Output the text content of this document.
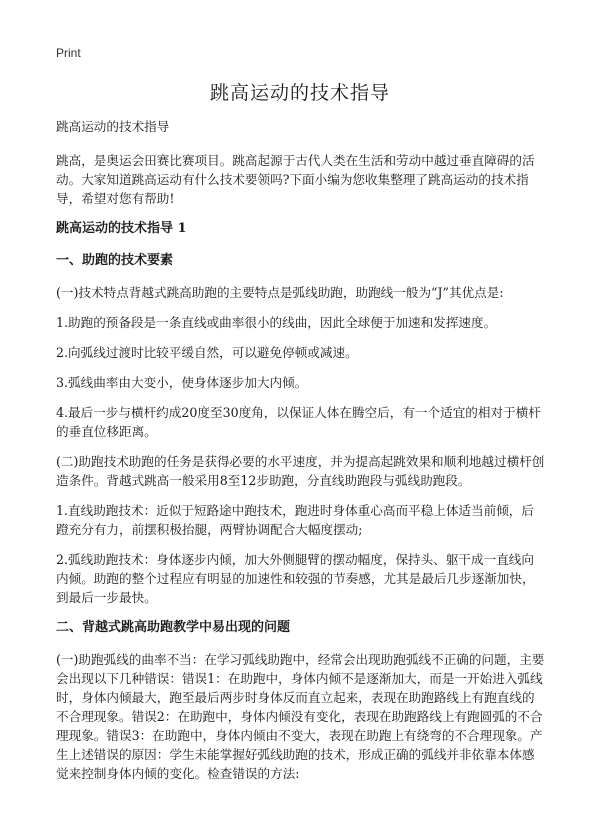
Print
跳高运动的技术指导

跳高运动的技术指导

跳高，是奥运会田赛比赛项目。跳高起源于古代人类在生活和劳动中越过垂直障碍的活动。大家知道跳高运动有什么技术要领吗?下面小编为您收集整理了跳高运动的技术指导，希望对您有帮助!

跳高运动的技术指导 1
一、助跑的技术要素

(一)技术特点背越式跳高助跑的主要特点是弧线助跑，助跑线一般为“J”其优点是:

1.助跑的预备段是一条直线或曲率很小的线曲，因此全球便于加速和发挥速度。

2.向弧线过渡时比较平缓自然，可以避免停顿或减速。

3.弧线曲率由大变小，使身体逐步加大内倾。

4.最后一步与横杆约成20度至30度角，以保证人体在腾空后，有一个适宜的相对于横杆的垂直位移距离。

(二)助跑技术助跑的任务是获得必要的水平速度，并为提高起跳效果和顺利地越过横杆创造条件。背越式跳高一般采用8至12步助跑，分直线助跑段与弧线助跑段。

1.直线助跑技术：近似于短路途中跑技术，跑进时身体重心高而平稳上体适当前倾，后蹬充分有力，前摆积极抬腿，两臂协调配合大幅度摆动;

2.弧线助跑技术：身体逐步内倾，加大外侧腿臂的摆动幅度，保持头、躯干成一直线向内倾。助跑的整个过程应有明显的加速性和较强的节奏感，尤其是最后几步逐渐加快，到最后一步最快。

二、背越式跳高助跑教学中易出现的问题

(一)助跑弧线的曲率不当：在学习弧线助跑中，经常会出现助跑弧线不正确的问题，主要会出现以下几种错误：错误1：在助跑中，身体内倾不是逐渐加大，而是一开始进入弧线时，身体内倾最大，跑至最后两步时身体反而直立起来，表现在助跑路线上有跑直线的不合理现象。错误2：在助跑中，身体内倾没有变化，表现在助跑路线上有跑圆弧的不合理现象。错误3：在助跑中，身体内倾由不变大，表现在助跑上有绕弯的不合理现象。产生上述错误的原因：学生未能掌握好弧线助跑的技术，形成正确的弧线并非依靠本体感觉来控制身体内倾的变化。检查错误的方法:
